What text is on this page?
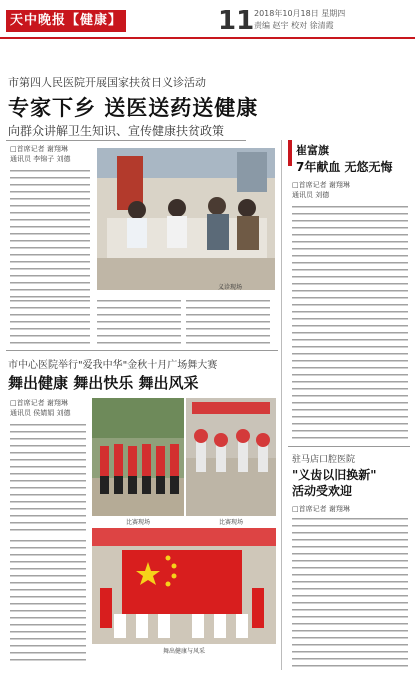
天中晚报【健康】	11 2018年10月18日 星期四
责编 赵宇 校对 徐清霞
市第四人民医院开展国家扶贫日义诊活动
专家下乡 送医送药送健康
向群众讲解卫生知识、宣传健康扶贫政策
□首席记者 谢翔琳
通讯员 李锦子 刘德
义诊现场
市中心医院举行"爱我中华"金秋十月广场舞大赛
舞出健康 舞出快乐 舞出风采
□首席记者 谢翔琳
通讯员 侯婧娟 刘德
比赛现场	比赛现场
舞出健康与风采
崔富旗
7年献血 无悠无悔
□首席记者 谢翔琳
通讯员 刘德
驻马店口腔医院
"义齿以旧换新"
活动受欢迎
□首席记者 谢翔琳
